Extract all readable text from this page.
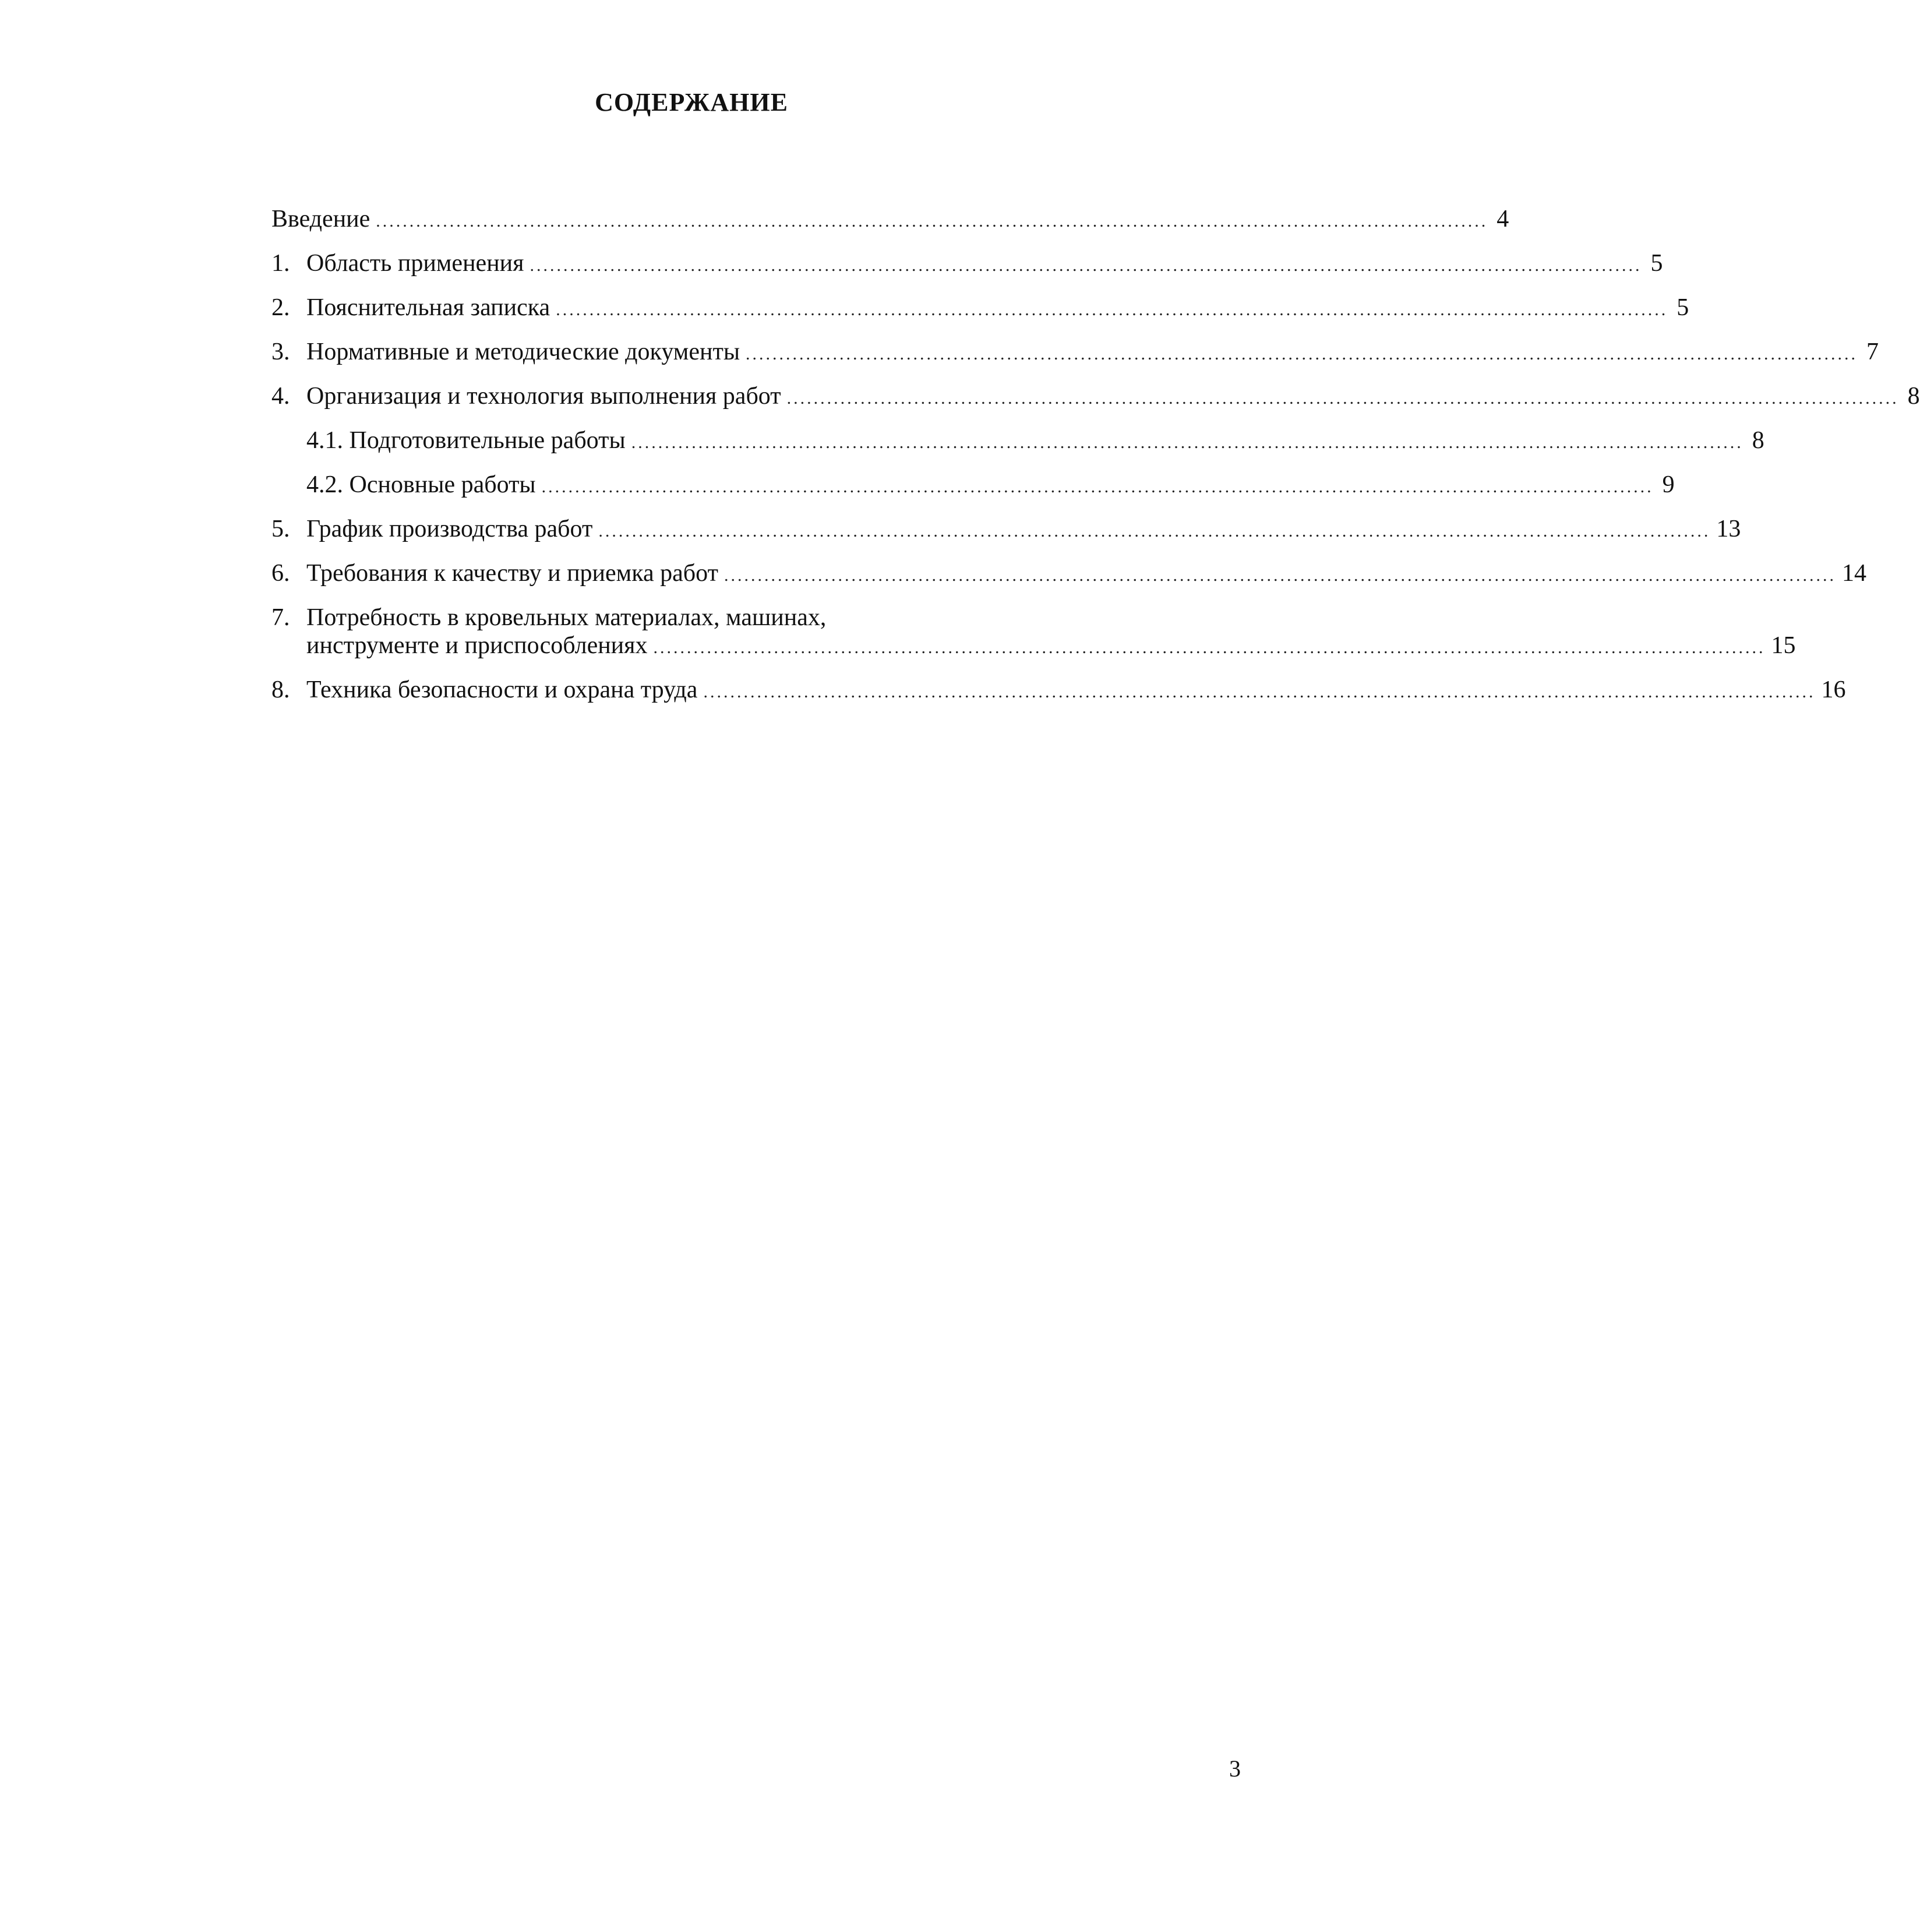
СОДЕРЖАНИЕ
Введение ...................................................................................................................................................................... 4
1. Область применения ...................................................................................................................................................................... 5
2. Пояснительная записка ...................................................................................................................................................................... 5
3. Нормативные и методические документы ...................................................................................................................................................................... 7
4. Организация и технология выполнения работ ...................................................................................................................................................................... 8
4.1. Подготовительные работы ...................................................................................................................................................................... 8
4.2. Основные работы ...................................................................................................................................................................... 9
5. График производства работ ...................................................................................................................................................................... 13
6. Требования к качеству и приемка работ ...................................................................................................................................................................... 14
7. Потребность в кровельных материалах, машинах,
инструменте и приспособлениях ...................................................................................................................................................................... 15
8. Техника безопасности и охрана труда ...................................................................................................................................................................... 16
3
